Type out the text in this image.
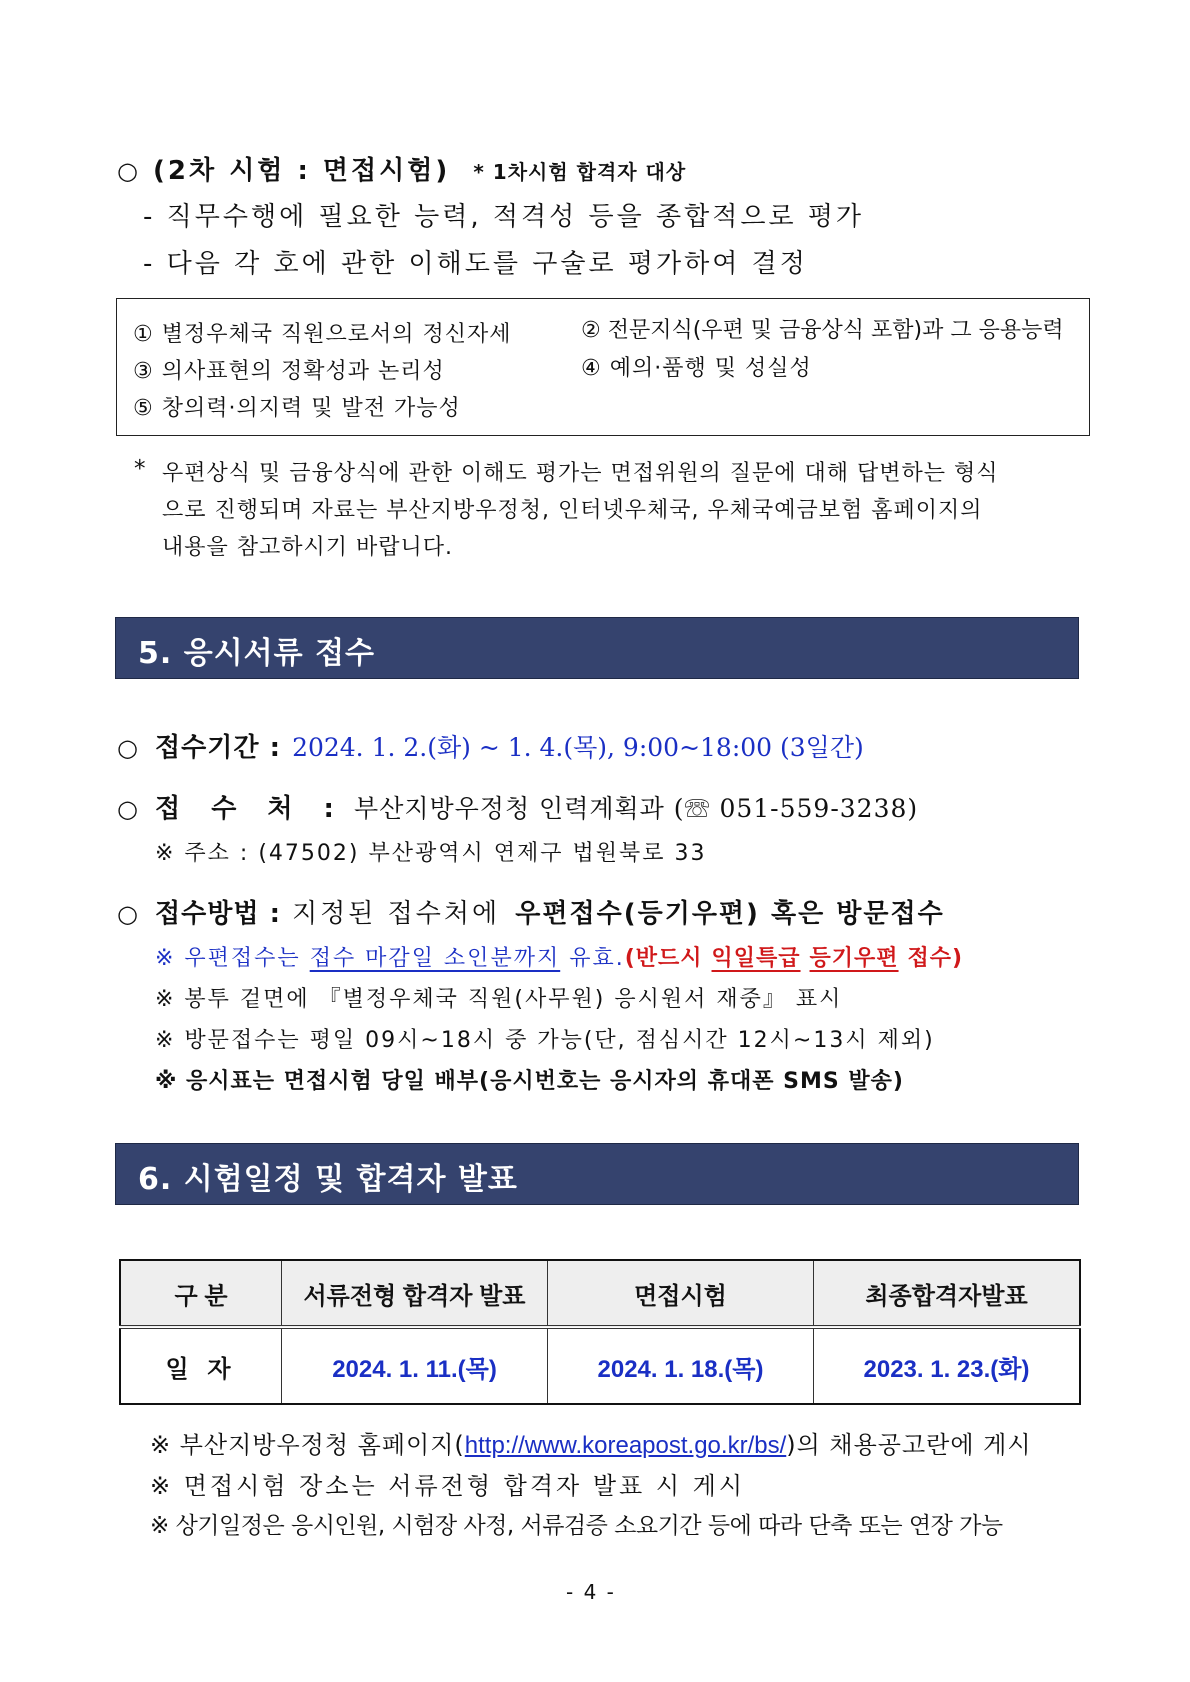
○ (2차 시험 : 면접시험) * 1차시험 합격자 대상
- 직무수행에 필요한 능력, 적격성 등을 종합적으로 평가
- 다음 각 호에 관한 이해도를 구술로 평가하여 결정
① 별정우체국 직원으로서의 정신자세	② 전문지식(우편 및 금융상식 포함)과 그 응용능력
③ 의사표현의 정확성과 논리성	④ 예의·품행 및 성실성
⑤ 창의력·의지력 및 발전 가능성
* 우편상식 및 금융상식에 관한 이해도 평가는 면접위원의 질문에 대해 답변하는 형식
으로 진행되며 자료는 부산지방우정청, 인터넷우체국, 우체국예금보험 홈페이지의
내용을 참고하시기 바랍니다.
5. 응시서류 접수
○ 접수기간 : 2024. 1. 2.(화) ~ 1. 4.(목), 9:00~18:00 (3일간)
○ 접 수 처 : 부산지방우정청 인력계획과 (☏ 051-559-3238)
※ 주소 : (47502) 부산광역시 연제구 법원북로 33
○ 접수방법 : 지정된 접수처에 우편접수(등기우편) 혹은 방문접수
※ 우편접수는 접수 마감일 소인분까지 유효.(반드시 익일특급 등기우편 접수)
※ 봉투 겉면에 『별정우체국 직원(사무원) 응시원서 재중』 표시
※ 방문접수는 평일 09시~18시 중 가능(단, 점심시간 12시~13시 제외)
※ 응시표는 면접시험 당일 배부(응시번호는 응시자의 휴대폰 SMS 발송)
6. 시험일정 및 합격자 발표
구 분	서류전형 합격자 발표	면접시험	최종합격자발표
일 자	2024. 1. 11.(목)	2024. 1. 18.(목)	2023. 1. 23.(화)
※ 부산지방우정청 홈페이지(http://www.koreapost.go.kr/bs/)의 채용공고란에 게시
※ 면접시험 장소는 서류전형 합격자 발표 시 게시
※ 상기일정은 응시인원, 시험장 사정, 서류검증 소요기간 등에 따라 단축 또는 연장 가능
- 4 -
